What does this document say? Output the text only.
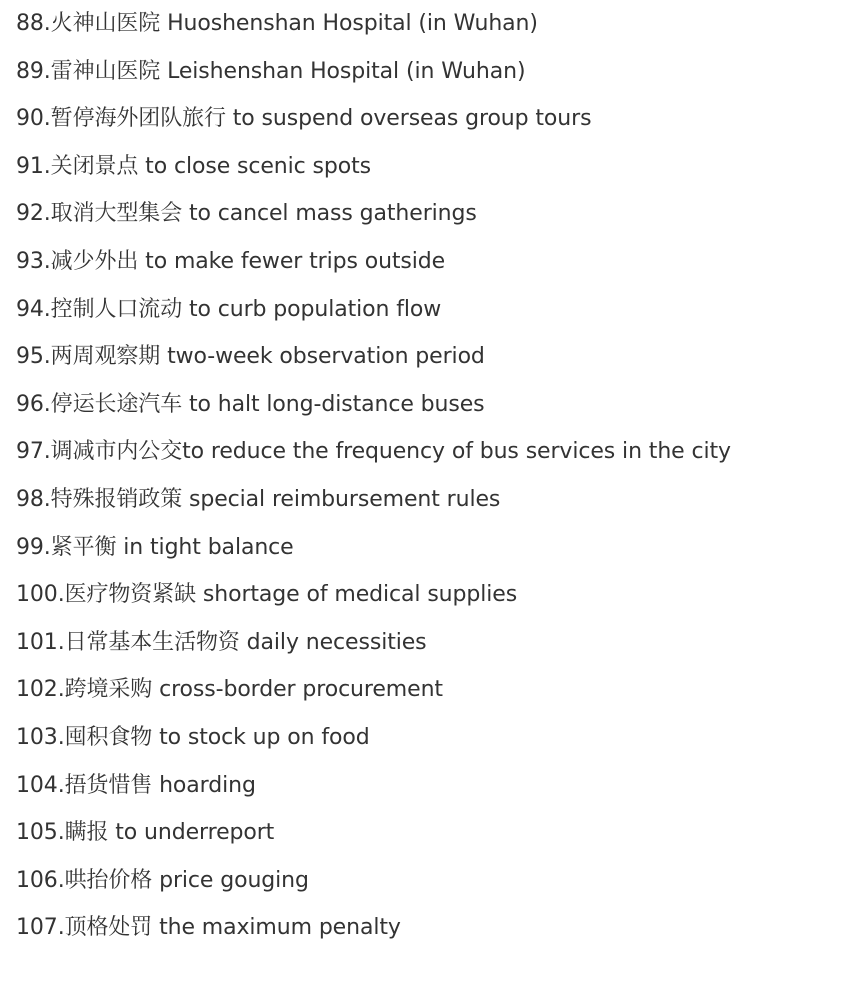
88.火神山医院 Huoshenshan Hospital (in Wuhan)
89.雷神山医院 Leishenshan Hospital (in Wuhan)
90.暂停海外团队旅行 to suspend overseas group tours
91.关闭景点 to close scenic spots
92.取消大型集会 to cancel mass gatherings
93.减少外出 to make fewer trips outside
94.控制人口流动 to curb population flow
95.两周观察期 two-week observation period
96.停运长途汽车 to halt long-distance buses
97.调减市内公交to reduce the frequency of bus services in the city
98.特殊报销政策 special reimbursement rules
99.紧平衡 in tight balance
100.医疗物资紧缺 shortage of medical supplies
101.日常基本生活物资 daily necessities
102.跨境采购 cross-border procurement
103.囤积食物 to stock up on food
104.捂货惜售 hoarding
105.瞒报 to underreport
106.哄抬价格 price gouging
107.顶格处罚 the maximum penalty
